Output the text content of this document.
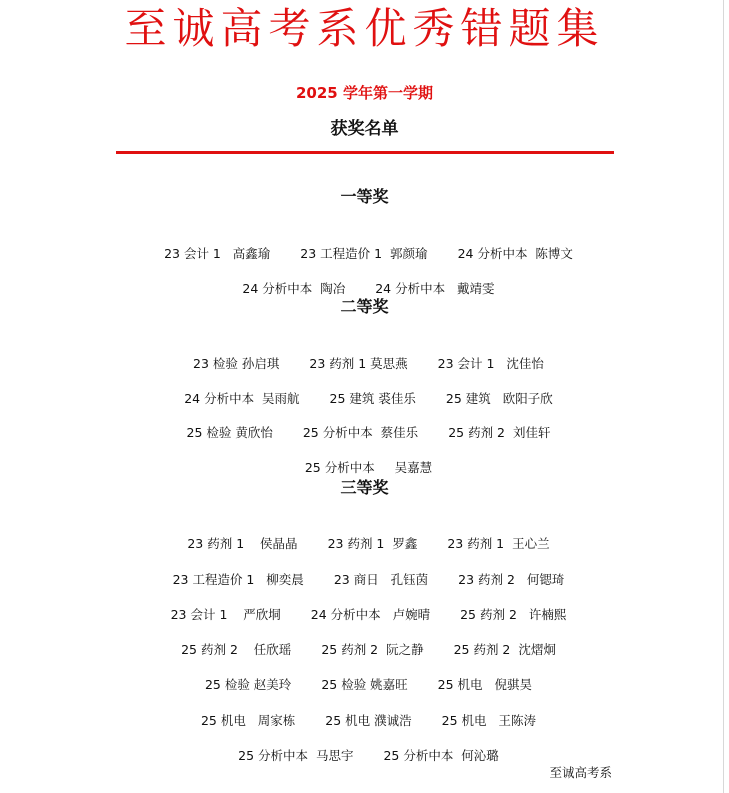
至诚高考系优秀错题集
2025 学年第一学期
获奖名单
一等奖

23 会计 1   高鑫瑜 23 工程造价 1  郭颜瑜 24 分析中本  陈博文

24 分析中本  陶冶 24 分析中本   戴靖雯

二等奖

23 检验 孙启琪 23 药剂 1 莫思燕 23 会计 1   沈佳怡

24 分析中本  吴雨航 25 建筑 裘佳乐 25 建筑   欧阳子欣

25 检验 黄欣怡 25 分析中本  蔡佳乐 25 药剂 2  刘佳轩

25 分析中本     吴嘉慧

三等奖

23 药剂 1    侯晶晶 23 药剂 1  罗鑫 23 药剂 1  王心兰

23 工程造价 1   柳奕晨 23 商日   孔钰茵 23 药剂 2   何锶琦

23 会计 1    严欣垌 24 分析中本   卢婉晴 25 药剂 2   许楠熙

25 药剂 2    任欣瑶 25 药剂 2  阮之静 25 药剂 2  沈熠炯

25 检验 赵美玲 25 检验 姚嘉旺 25 机电   倪骐昊

25 机电   周家栋 25 机电 濮诚浩 25 机电   王陈涛

25 分析中本  马思宇 25 分析中本  何沁璐

至诚高考系
